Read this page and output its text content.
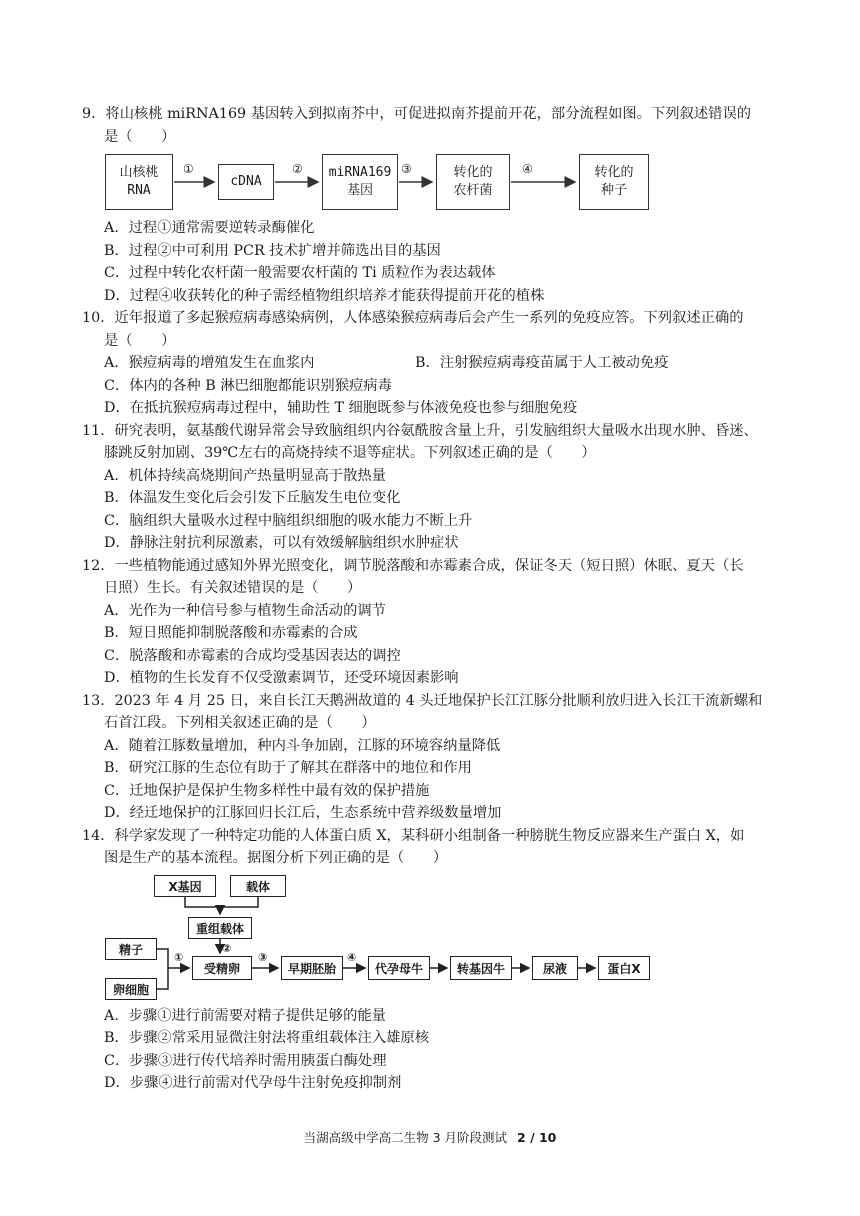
9．将山核桃 miRNA169 基因转入到拟南芥中，可促进拟南芥提前开花，部分流程如图。下列叙述错误的
是（　　）
山核桃
RNA
cDNA
miRNA169
基因
转化的
农杆菌
转化的
种子
①	②	③	④
A．过程①通常需要逆转录酶催化
B．过程②中可利用 PCR 技术扩增并筛选出目的基因
C．过程中转化农杆菌一般需要农杆菌的 Ti 质粒作为表达载体
D．过程④收获转化的种子需经植物组织培养才能获得提前开花的植株
10．近年报道了多起猴痘病毒感染病例，人体感染猴痘病毒后会产生一系列的免疫应答。下列叙述正确的
是（　　）
A．猴痘病毒的增殖发生在血浆内	B．注射猴痘病毒疫苗属于人工被动免疫
C．体内的各种 B 淋巴细胞都能识别猴痘病毒
D．在抵抗猴痘病毒过程中，辅助性 T 细胞既参与体液免疫也参与细胞免疫
11．研究表明，氨基酸代谢异常会导致脑组织内谷氨酰胺含量上升，引发脑组织大量吸水出现水肿、昏迷、
膝跳反射加剧、39℃左右的高烧持续不退等症状。下列叙述正确的是（　　）
A．机体持续高烧期间产热量明显高于散热量
B．体温发生变化后会引发下丘脑发生电位变化
C．脑组织大量吸水过程中脑组织细胞的吸水能力不断上升
D．静脉注射抗利尿激素，可以有效缓解脑组织水肿症状
12．一些植物能通过感知外界光照变化，调节脱落酸和赤霉素合成，保证冬天（短日照）休眠、夏天（长
日照）生长。有关叙述错误的是（　　）
A．光作为一种信号参与植物生命活动的调节
B．短日照能抑制脱落酸和赤霉素的合成
C．脱落酸和赤霉素的合成均受基因表达的调控
D．植物的生长发育不仅受激素调节，还受环境因素影响
13．2023 年 4 月 25 日，来自长江天鹅洲故道的 4 头迁地保护长江江豚分批顺利放归进入长江干流新螺和
石首江段。下列相关叙述正确的是（　　）
A．随着江豚数量增加，种内斗争加剧，江豚的环境容纳量降低
B．研究江豚的生态位有助于了解其在群落中的地位和作用
C．迁地保护是保护生物多样性中最有效的保护措施
D．经迁地保护的江豚回归长江后，生态系统中营养级数量增加
14．科学家发现了一种特定功能的人体蛋白质 X，某科研小组制备一种膀胱生物反应器来生产蛋白 X，如
图是生产的基本流程。据图分析下列正确的是（　　）
X基因	载体
重组载体
精子
卵细胞
受精卵	早期胚胎	代孕母牛	转基因牛	尿液	蛋白X
①
②
③	④
A．步骤①进行前需要对精子提供足够的能量
B．步骤②常采用显微注射法将重组载体注入雄原核
C．步骤③进行传代培养时需用胰蛋白酶处理
D．步骤④进行前需对代孕母牛注射免疫抑制剂
当湖高级中学高二生物 3 月阶段测试 2 / 10
